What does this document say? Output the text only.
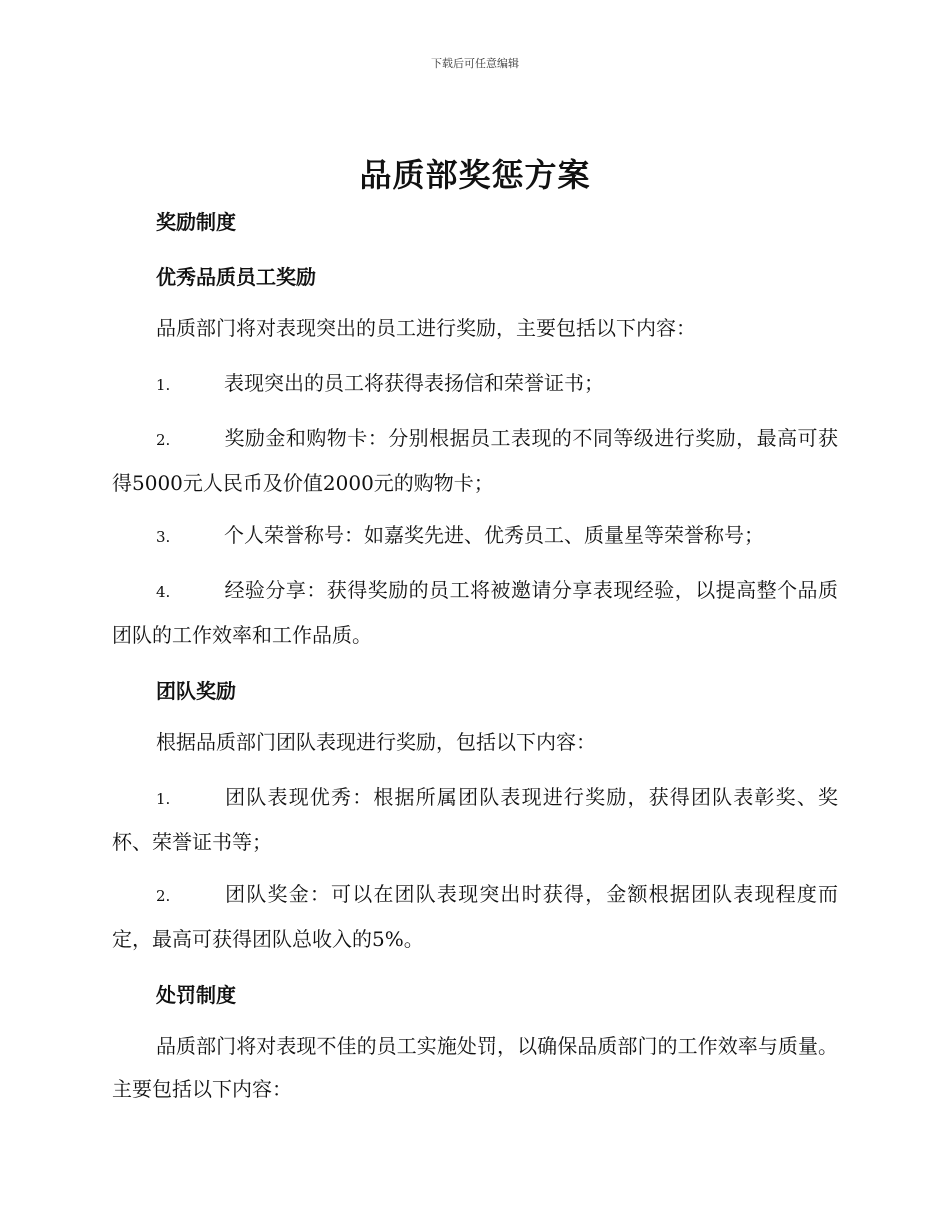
下载后可任意编辑
品质部奖惩方案
奖励制度
优秀品质员工奖励

品质部门将对表现突出的员工进行奖励，主要包括以下内容：

1.	表现突出的员工将获得表扬信和荣誉证书；

2.	奖励金和购物卡：分别根据员工表现的不同等级进行奖励，最高可获得5000元人民币及价值2000元的购物卡；

3.	个人荣誉称号：如嘉奖先进、优秀员工、质量星等荣誉称号；

4.	经验分享：获得奖励的员工将被邀请分享表现经验，以提高整个品质团队的工作效率和工作品质。

团队奖励

根据品质部门团队表现进行奖励，包括以下内容：

1.	团队表现优秀：根据所属团队表现进行奖励，获得团队表彰奖、奖杯、荣誉证书等；

2.	团队奖金：可以在团队表现突出时获得，金额根据团队表现程度而定，最高可获得团队总收入的5%。

处罚制度

品质部门将对表现不佳的员工实施处罚，以确保品质部门的工作效率与质量。主要包括以下内容：
